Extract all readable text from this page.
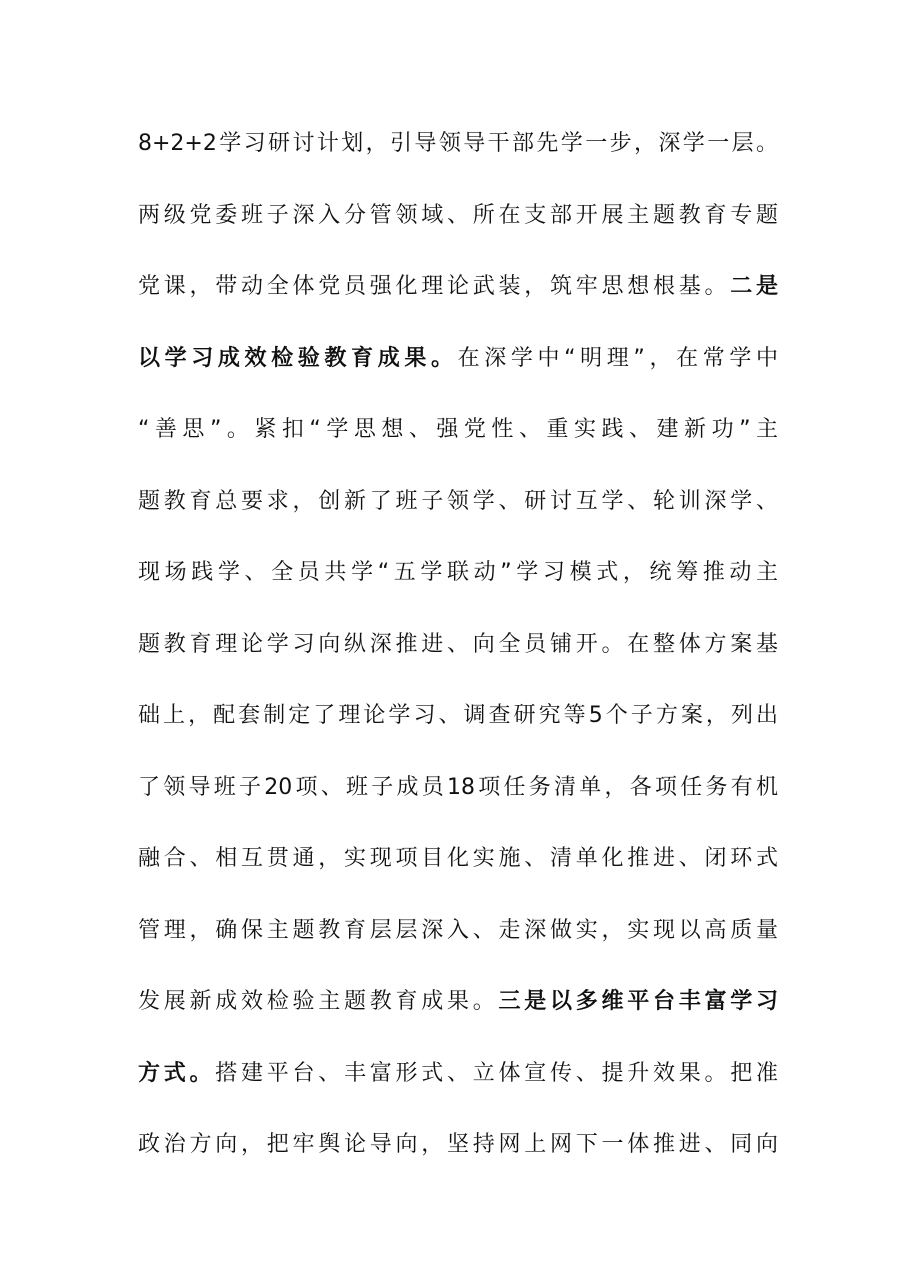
8+2+2学习研讨计划，引导领导干部先学一步，深学一层。
两级党委班子深入分管领域、所在支部开展主题教育专题
党课，带动全体党员强化理论武装，筑牢思想根基。二是
以学习成效检验教育成果。在深学中“明理”，在常学中
“善思”。紧扣“学思想、强党性、重实践、建新功”主
题教育总要求，创新了班子领学、研讨互学、轮训深学、
现场践学、全员共学“五学联动”学习模式，统筹推动主
题教育理论学习向纵深推进、向全员铺开。在整体方案基
础上，配套制定了理论学习、调查研究等5个子方案，列出
了领导班子20项、班子成员18项任务清单，各项任务有机
融合、相互贯通，实现项目化实施、清单化推进、闭环式
管理，确保主题教育层层深入、走深做实，实现以高质量
发展新成效检验主题教育成果。三是以多维平台丰富学习
方式。搭建平台、丰富形式、立体宣传、提升效果。把准
政治方向，把牢舆论导向，坚持网上网下一体推进、同向
